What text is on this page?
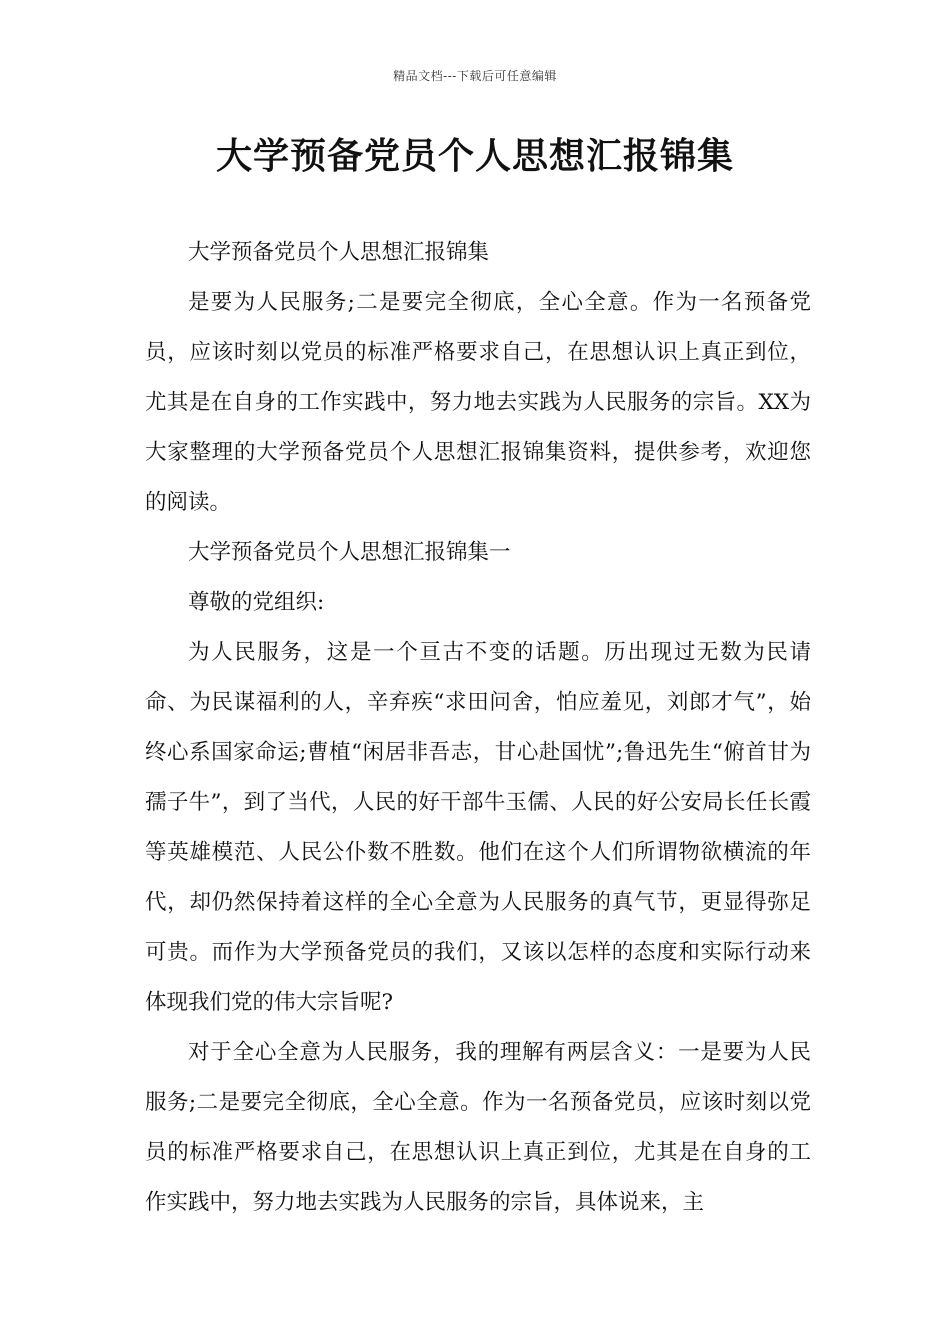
精品文档---下载后可任意编辑
大学预备党员个人思想汇报锦集

大学预备党员个人思想汇报锦集

是要为人民服务;二是要完全彻底，全心全意。作为一名预备党员，应该时刻以党员的标准严格要求自己，在思想认识上真正到位，尤其是在自身的工作实践中，努力地去实践为人民服务的宗旨。XX为大家整理的大学预备党员个人思想汇报锦集资料，提供参考，欢迎您的阅读。

大学预备党员个人思想汇报锦集一

尊敬的党组织:

为人民服务，这是一个亘古不变的话题。历出现过无数为民请命、为民谋福利的人，辛弃疾“求田问舍，怕应羞见，刘郎才气”，始终心系国家命运;曹植“闲居非吾志，甘心赴国忧”;鲁迅先生“俯首甘为孺子牛”，到了当代，人民的好干部牛玉儒、人民的好公安局长任长霞等英雄模范、人民公仆数不胜数。他们在这个人们所谓物欲横流的年代，却仍然保持着这样的全心全意为人民服务的真气节，更显得弥足可贵。而作为大学预备党员的我们，又该以怎样的态度和实际行动来体现我们党的伟大宗旨呢?

对于全心全意为人民服务，我的理解有两层含义：一是要为人民服务;二是要完全彻底，全心全意。作为一名预备党员，应该时刻以党员的标准严格要求自己，在思想认识上真正到位，尤其是在自身的工作实践中，努力地去实践为人民服务的宗旨，具体说来，主
